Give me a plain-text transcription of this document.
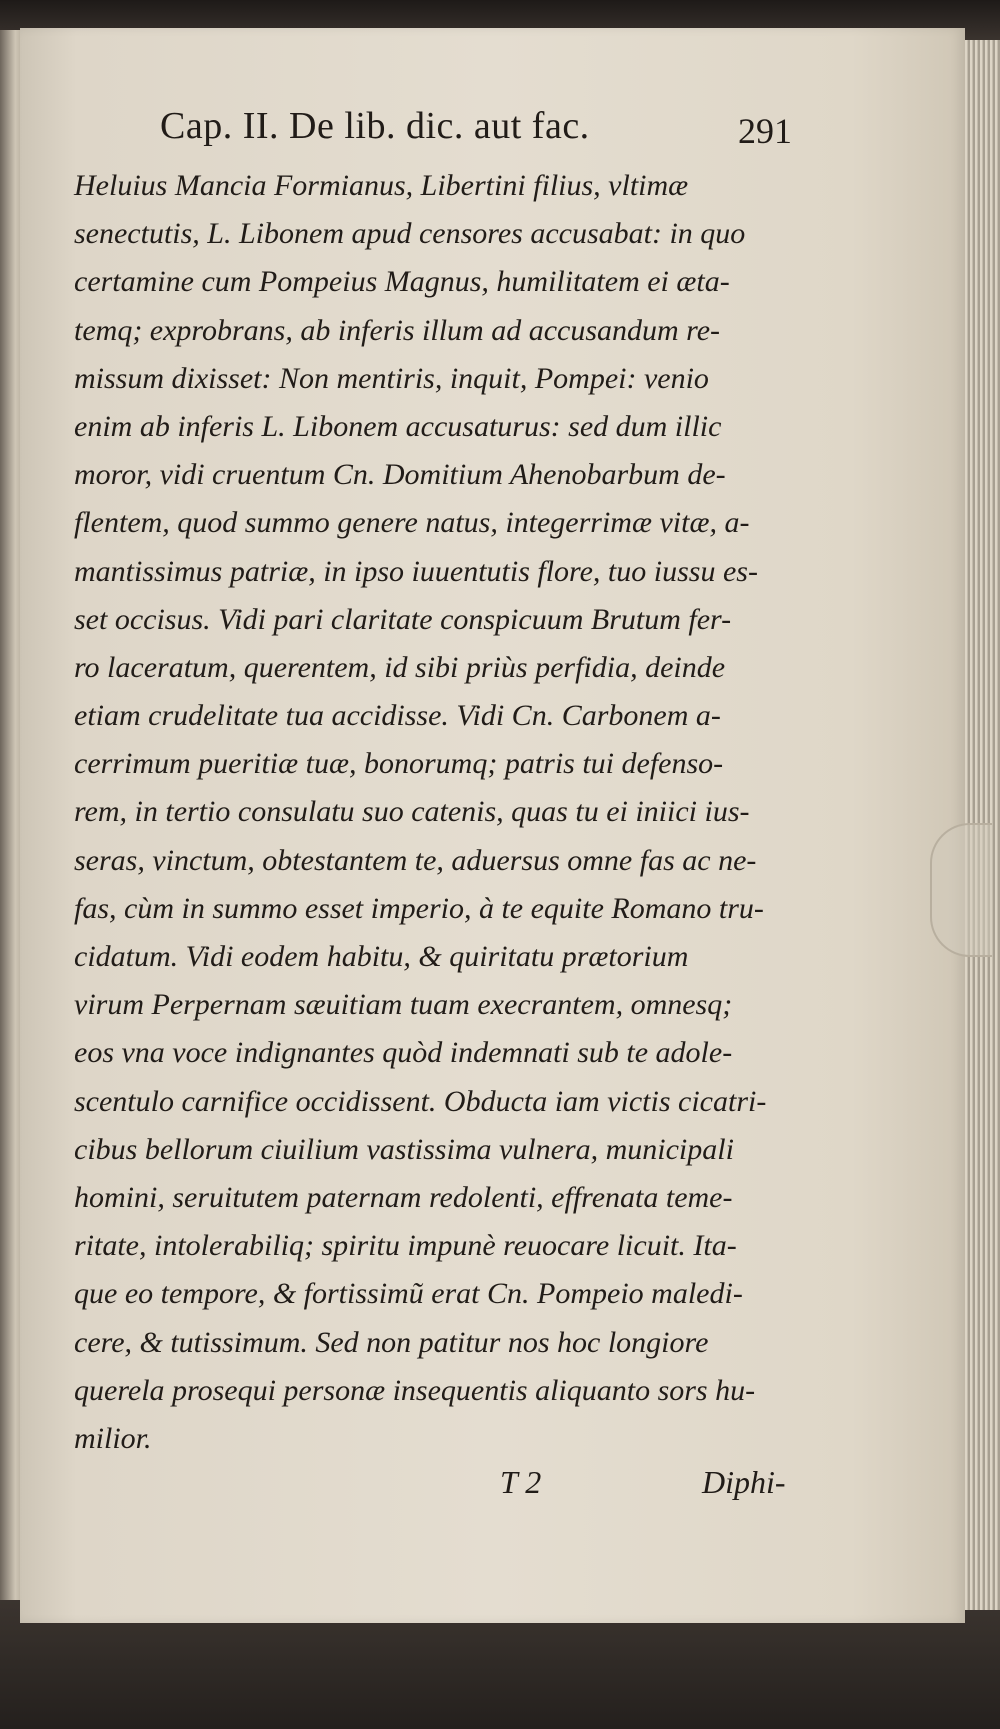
Cap. II. De lib. dic. aut fac.	291
Heluius Mancia Formianus, Libertini filius, vltimæ
senectutis, L. Libonem apud censores accusabat: in quo
certamine cum Pompeius Magnus, humilitatem ei æta-
temq; exprobrans, ab inferis illum ad accusandum re-
missum dixisset: Non mentiris, inquit, Pompei: venio
enim ab inferis L. Libonem accusaturus: sed dum illic
moror, vidi cruentum Cn. Domitium Ahenobarbum de-
flentem, quod summo genere natus, integerrimæ vitæ, a-
mantissimus patriæ, in ipso iuuentutis flore, tuo iussu es-
set occisus. Vidi pari claritate conspicuum Brutum fer-
ro laceratum, querentem, id sibi priùs perfidia, deinde
etiam crudelitate tua accidisse. Vidi Cn. Carbonem a-
cerrimum pueritiæ tuæ, bonorumq; patris tui defenso-
rem, in tertio consulatu suo catenis, quas tu ei iniici ius-
seras, vinctum, obtestantem te, aduersus omne fas ac ne-
fas, cùm in summo esset imperio, à te equite Romano tru-
cidatum. Vidi eodem habitu, & quiritatu prætorium
virum Perpernam sæuitiam tuam execrantem, omnesq;
eos vna voce indignantes quòd indemnati sub te adole-
scentulo carnifice occidissent. Obducta iam victis cicatri-
cibus bellorum ciuilium vastissima vulnera, municipali
homini, seruitutem paternam redolenti, effrenata teme-
ritate, intolerabiliq; spiritu impunè reuocare licuit. Ita-
que eo tempore, & fortissimũ erat Cn. Pompeio maledi-
cere, & tutissimum. Sed non patitur nos hoc longiore
querela prosequi personæ insequentis aliquanto sors hu-
milior.
T 2	Diphi-
